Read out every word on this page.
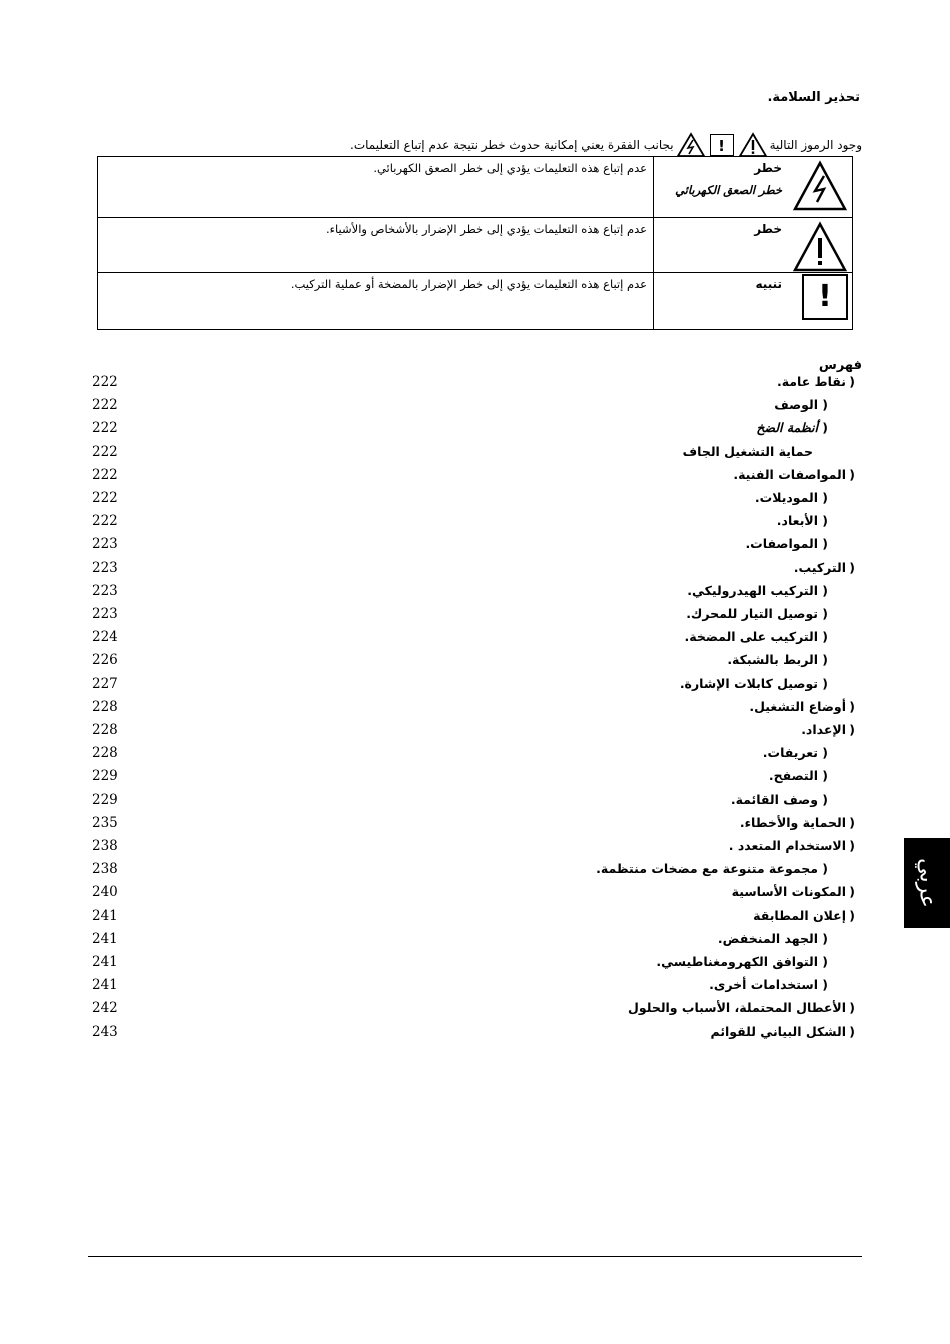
تحذير السلامة.
وجود الرموز التالية
!
بجانب الفقرة يعني إمكانية حدوث خطر نتيجة عدم إتباع التعليمات.
خطر
خطر الصعق الكهربائي	عدم إتباع هذه التعليمات يؤدي إلى خطر الصعق الكهربائي.

خطر	عدم إتباع هذه التعليمات يؤدي إلى خطر الإضرار بالأشخاص والأشياء.

تنبيه !	عدم إتباع هذه التعليمات يؤدي إلى خطر الإضرار بالمضخة أو عملية التركيب.
فهرس
222	نقاط عامة. )
222	الوصف )
222	أنظمة الضخ )
222	حماية التشغيل الجاف
222	المواصفات الفنية. )
222	الموديلات. )
222	الأبعاد. )
223	المواصفات. )
223	التركيب. )
223	التركيب الهيدروليكي. )
223	توصيل التيار للمحرك. )
224	التركيب على المضخة. )
226	الربط بالشبكة. )
227	توصيل كابلات الإشارة. )
228	أوضاع التشغيل. )
228	الإعداد. )
228	تعريفات. )
229	التصفح. )
229	وصف القائمة. )
235	الحماية والأخطاء. )
238	الاستخدام المتعدد . )
238	مجموعة متنوعة مع مضخات منتظمة. )
240	المكونات الأساسية )
241	إعلان المطابقة )
241	الجهد المنخفض. )
241	التوافق الكهرومغناطيسي. )
241	استخدامات أخرى. )
242	الأعطال المحتملة، الأسباب والحلول )
243	الشكل البياني للقوائم )
عربي
